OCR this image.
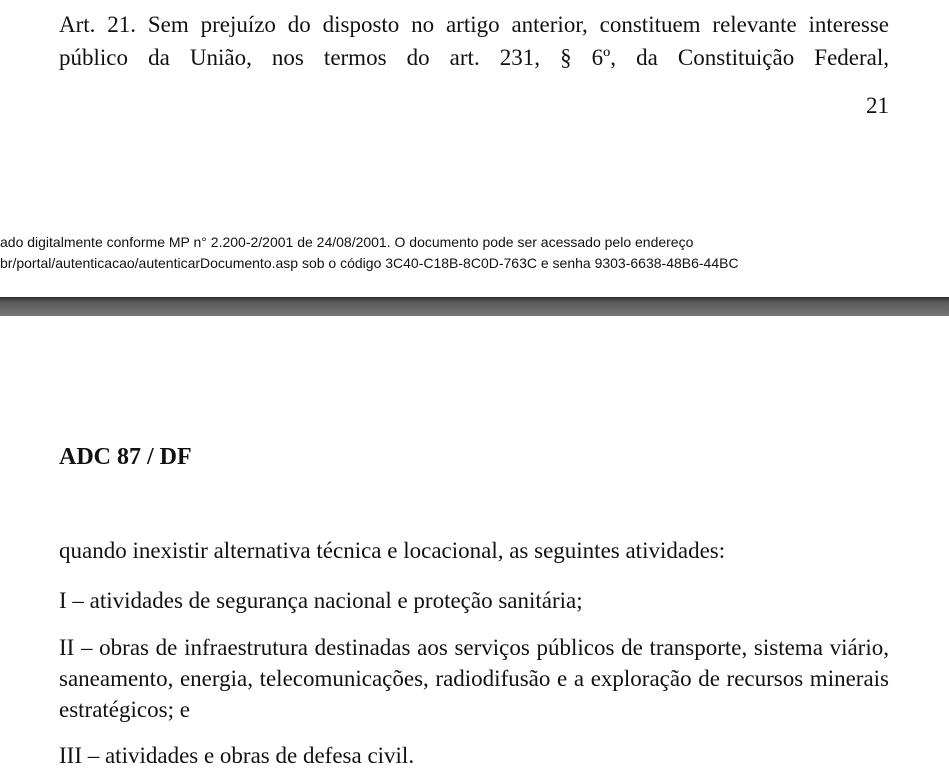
Art. 21. Sem prejuízo do disposto no artigo anterior, constituem relevante interesse público da União, nos termos do art. 231, § 6º, da Constituição Federal,

21

ado digitalmente conforme MP n° 2.200-2/2001 de 24/08/2001. O documento pode ser acessado pelo endereço
br/portal/autenticacao/autenticarDocumento.asp sob o código 3C40-C18B-8C0D-763C e senha 9303-6638-48B6-44BC

ADC 87 / DF

quando inexistir alternativa técnica e locacional, as seguintes atividades:

I – atividades de segurança nacional e proteção sanitária;

II – obras de infraestrutura destinadas aos serviços públicos de transporte, sistema viário, saneamento, energia, telecomunicações, radiodifusão e a exploração de recursos minerais estratégicos; e

III – atividades e obras de defesa civil.
